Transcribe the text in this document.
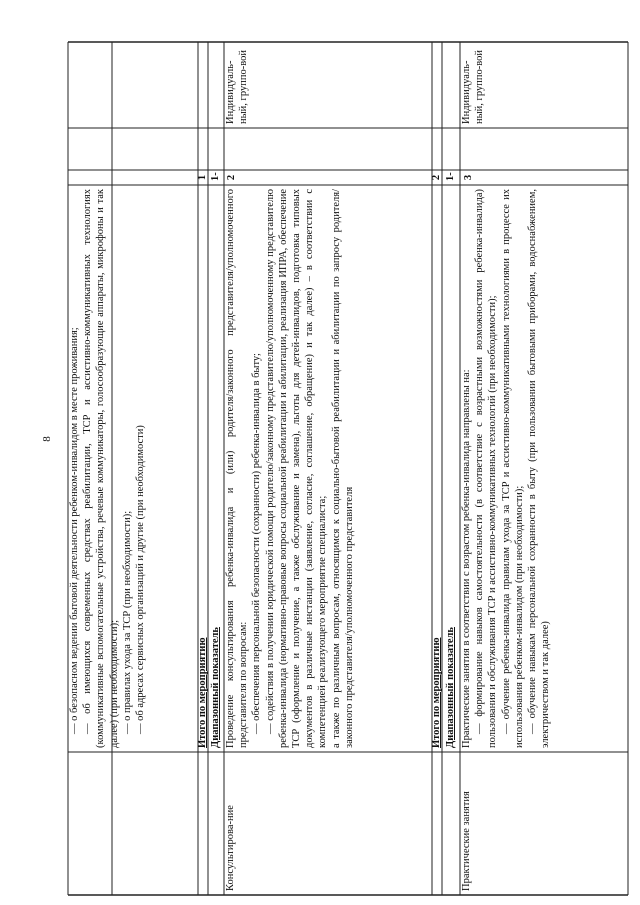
8 — о безопасном ведении бытовой деятельности ребенком-инвалидом в месте проживания; — об имеющихся современных средствах реабилитации, ТСР и ассистивно-коммуникативных технологиях (коммуникативные вспомогательные устройства, речевые коммуникаторы, голосообразующие аппараты, микрофоны и так далее) (при необходимости); — о правилах ухода за ТСР (при необходимости); — об адресах сервисных организаций и другие (при необходимости)	Итого по мероприятию
1
Диапазонный показатель
1-2
Индивидуаль-ный, группо-вой
Консультирова-ние

Проведение консультирования ребенка-инвалида и (или) родителя/законного представителя/уполномоченного представителя по вопросам: — обеспечения персональной безопасности (сохранности) ребенка-инвалида в быту; — содействия в получении юридической помощи родителю/законному представителю/уполномоченному представителю ребенка-инвалида (нормативно-правовые вопросы социальной реабилитации и абилитации, реализация ИПРА, обеспечение ТСР (оформление и получение, а также обслуживание и замена), льготы для детей-инвалидов, подготовка типовых документов в различные инстанции (заявление, согласие, соглашение, обращение) и так далее) – в соответствии с компетенцией реализующего мероприятие специалиста; а также по различным вопросам, относящимся к социально-бытовой реабилитации и абилитации по запросу родителя/законного представителя/уполномоченного представителя	Итого по мероприятию
2
Диапазонный показатель
1-3
Практические занятия

Практические занятия в соответствии с возрастом ребенка-инвалида направлены на: — формирование навыков самостоятельности (в соответствие с возрастными возможностями ребенка-инвалида) пользования и обслуживания ТСР и ассистивно-коммуникативных технологий (при необходимости); — обучение ребенка-инвалида правилам ухода за ТСР и ассистивно-коммуникативными технологиями в процессе их использования ребенком-инвалидом (при необходимости); — обучение навыкам персональной сохранности в быту (при пользовании бытовыми приборами, водоснабжением, электричеством и так далее)

Индивидуаль-ный, группо-вой
